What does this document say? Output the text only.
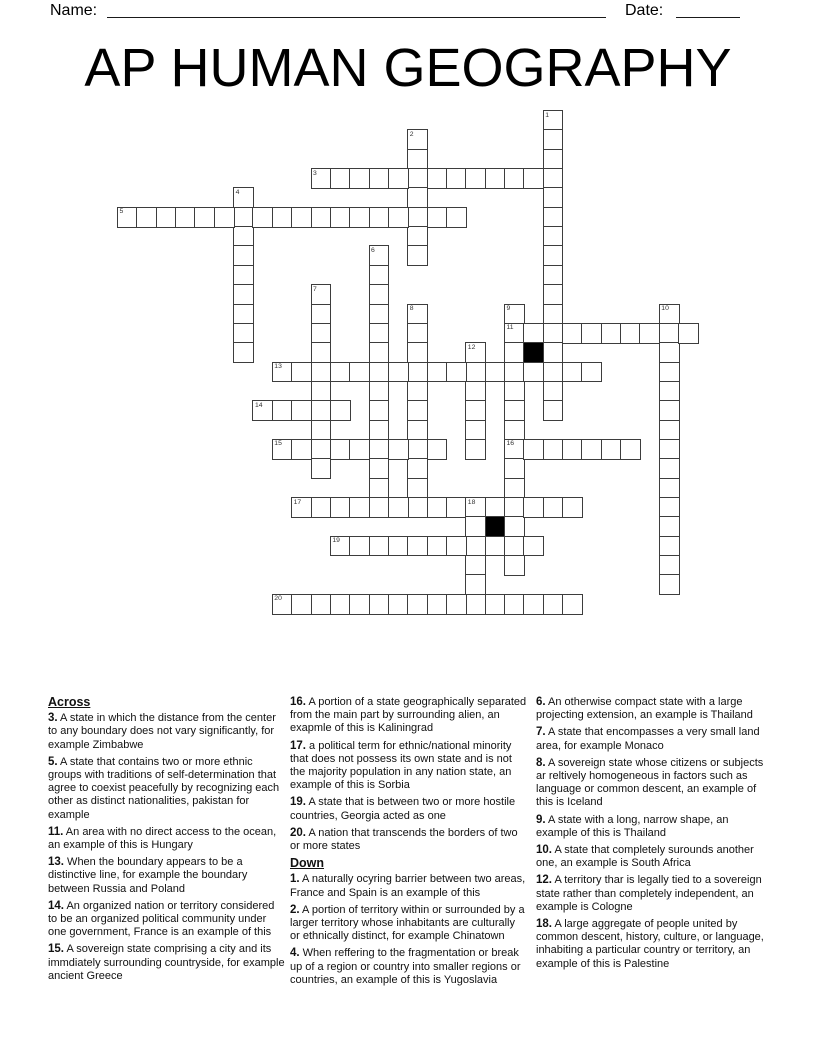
Name:	Date:
AP HUMAN GEOGRAPHY
1
2
3
4
5
6
7
8	9
11
16
10
12
13
14
15
17	18
19
20
Across
3. A state in which the distance from the center to any boundary does not vary significantly, for example Zimbabwe
5. A state that contains two or more ethnic groups with traditions of self-determination that agree to coexist peacefully by recognizing each other as distinct nationalities, pakistan for example
11. An area with no direct access to the ocean, an example of this is Hungary
13. When the boundary appears to be a distinctive line, for example the boundary between Russia and Poland
14. An organized nation or territory considered to be an organized political community under one government, France is an example of this
15. A sovereign state comprising a city and its immdiately surrounding countryside, for example ancient Greece
16. A portion of a state geographically separated from the main part by surrounding alien, an exapmle of this is Kaliningrad
17. a political term for ethnic/national minority that does not possess its own state and is not the majority population in any nation state, an example of this is Sorbia
19. A state that is between two or more hostile countries, Georgia acted as one
20. A nation that transcends the borders of two or more states
Down
1. A naturally ocyring barrier between two areas, France and Spain is an example of this
2. A portion of territory within or surrounded by a larger territory whose inhabitants are culturally or ethnically distinct, for example Chinatown
4. When reffering to the fragmentation or break up of a region or country into smaller regions or countries, an example of this is Yugoslavia
6. An otherwise compact state with a large projecting extension, an example is Thailand
7. A state that encompasses a very small land area, for example Monaco
8. A sovereign state whose citizens or subjects ar reltively homogeneous in factors such as language or common descent, an example of this is Iceland
9. A state with a long, narrow shape, an example of this is Thailand
10. A state that completely surounds another one, an example is South Africa
12. A territory thar is legally tied to a sovereign state rather than completely independent, an example is Cologne
18. A large aggregate of people united by common descent, history, culture, or language, inhabiting a particular country or territory, an example of this is Palestine
